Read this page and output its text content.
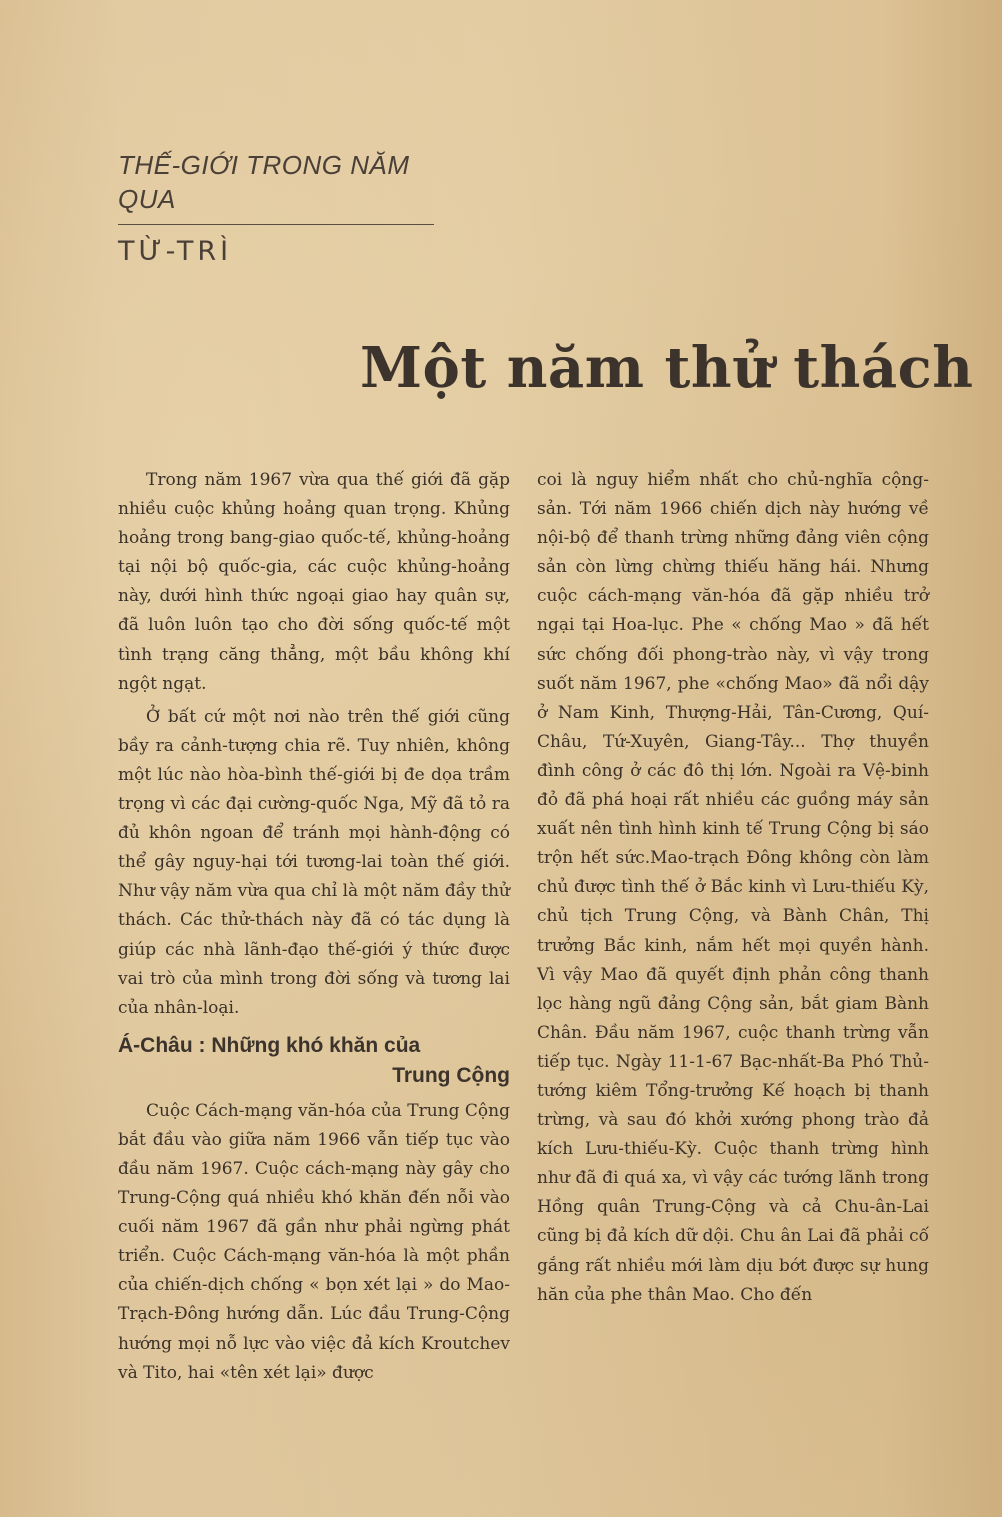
THẾ-GIỚI TRONG NĂM QUA
TỪ-TRÌ
Một năm thử thách

Trong năm 1967 vừa qua thế giới đã gặp nhiều cuộc khủng hoảng quan trọng. Khủng hoảng trong bang-giao quốc-tế, khủng-hoảng tại nội bộ quốc-gia, các cuộc khủng-hoảng này, dưới hình thức ngoại giao hay quân sự, đã luôn luôn tạo cho đời sống quốc-tế một tình trạng căng thẳng, một bầu không khí ngột ngạt.

Ở bất cứ một nơi nào trên thế giới cũng bầy ra cảnh-tượng chia rẽ. Tuy nhiên, không một lúc nào hòa-bình thế-giới bị đe dọa trầm trọng vì các đại cường-quốc Nga, Mỹ đã tỏ ra đủ khôn ngoan để tránh mọi hành-động có thể gây nguy-hại tới tương-lai toàn thế giới. Như vậy năm vừa qua chỉ là một năm đầy thử thách. Các thử-thách này đã có tác dụng là giúp các nhà lãnh-đạo thế-giới ý thức được vai trò của mình trong đời sống và tương lai của nhân-loại.

Á-Châu : Những khó khăn của
Trung Cộng

Cuộc Cách-mạng văn-hóa của Trung Cộng bắt đầu vào giữa năm 1966 vẫn tiếp tục vào đầu năm 1967. Cuộc cách-mạng này gây cho Trung-Cộng quá nhiều khó khăn đến nỗi vào cuối năm 1967 đã gần như phải ngừng phát triển. Cuộc Cách-mạng văn-hóa là một phần của chiến-dịch chống « bọn xét lại » do Mao-Trạch-Đông hướng dẫn. Lúc đầu Trung-Cộng hướng mọi nỗ lực vào việc đả kích Kroutchev và Tito, hai «tên xét lại» được

coi là nguy hiểm nhất cho chủ-nghĩa cộng-sản. Tới năm 1966 chiến dịch này hướng về nội-bộ để thanh trừng những đảng viên cộng sản còn lừng chừng thiếu hăng hái. Nhưng cuộc cách-mạng văn-hóa đã gặp nhiều trở ngại tại Hoa-lục. Phe « chống Mao » đã hết sức chống đối phong-trào này, vì vậy trong suốt năm 1967, phe «chống Mao» đã nổi dậy ở Nam Kinh, Thượng-Hải, Tân-Cương, Quí-Châu, Tứ-Xuyên, Giang-Tây... Thợ thuyền đình công ở các đô thị lớn. Ngoài ra Vệ-binh đỏ đã phá hoại rất nhiều các guồng máy sản xuất nên tình hình kinh tế Trung Cộng bị sáo trộn hết sức.Mao-trạch Đông không còn làm chủ được tình thế ở Bắc kinh vì Lưu-thiếu Kỳ, chủ tịch Trung Cộng, và Bành Chân, Thị trưởng Bắc kinh, nắm hết mọi quyền hành. Vì vậy Mao đã quyết định phản công thanh lọc hàng ngũ đảng Cộng sản, bắt giam Bành Chân. Đầu năm 1967, cuộc thanh trừng vẫn tiếp tục. Ngày 11-1-67 Bạc-nhất-Ba Phó Thủ-tướng kiêm Tổng-trưởng Kế hoạch bị thanh trừng, và sau đó khởi xướng phong trào đả kích Lưu-thiếu-Kỳ. Cuộc thanh trừng hình như đã đi quá xa, vì vậy các tướng lãnh trong Hồng quân Trung-Cộng và cả Chu-ân-Lai cũng bị đả kích dữ dội. Chu ân Lai đã phải cố gắng rất nhiều mới làm dịu bớt được sự hung hăn của phe thân Mao. Cho đến
